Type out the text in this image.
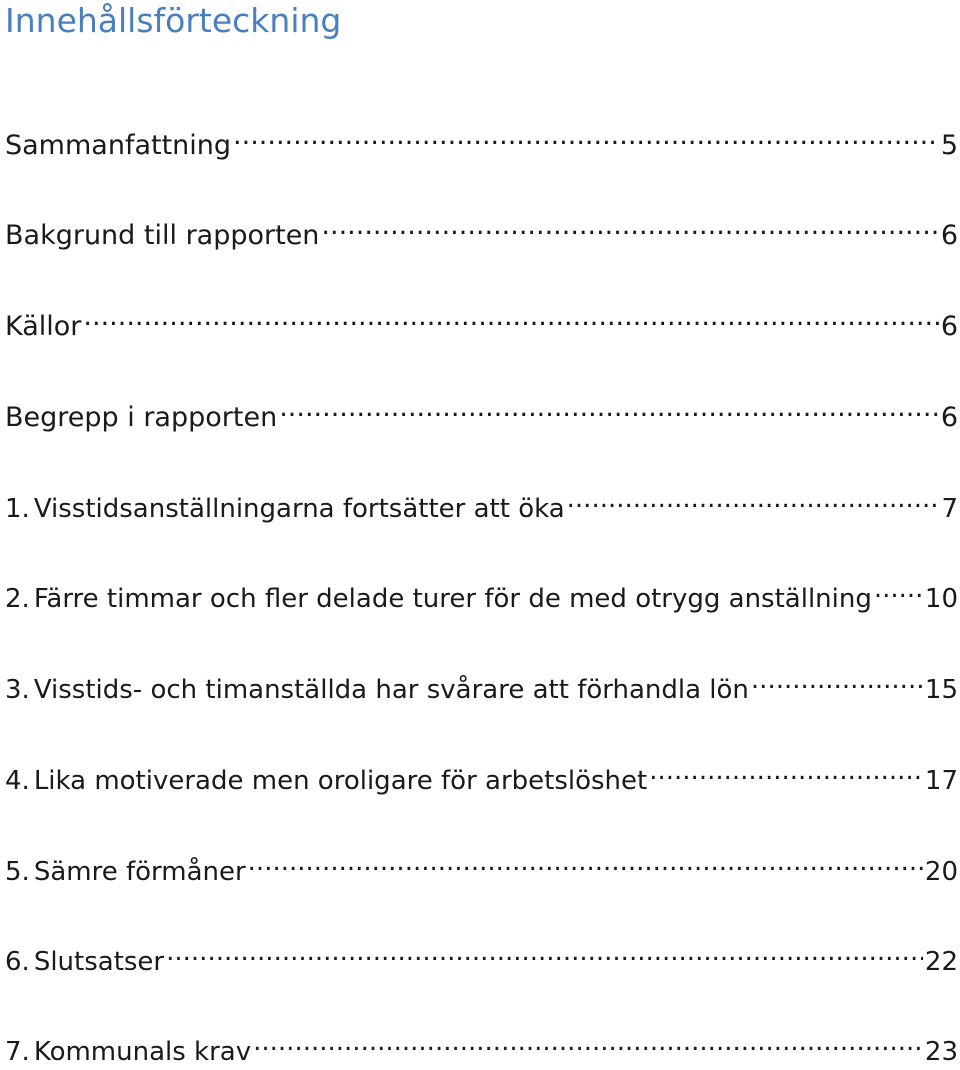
Innehållsförteckning
Sammanfattning .....	5
Bakgrund till rapporten .....	6
Källor .....	6
Begrepp i rapporten .....	6
1. Visstidsanställningarna fortsätter att öka .....	7
2. Färre timmar och fler delade turer för de med otrygg anställning ..... 10
3. Visstids- och timanställda har svårare att förhandla lön .....	15
4. Lika motiverade men oroligare för arbetslöshet .....	17
5. Sämre förmåner .....	20
6. Slutsatser .....	22
7. Kommunals krav .....	23
